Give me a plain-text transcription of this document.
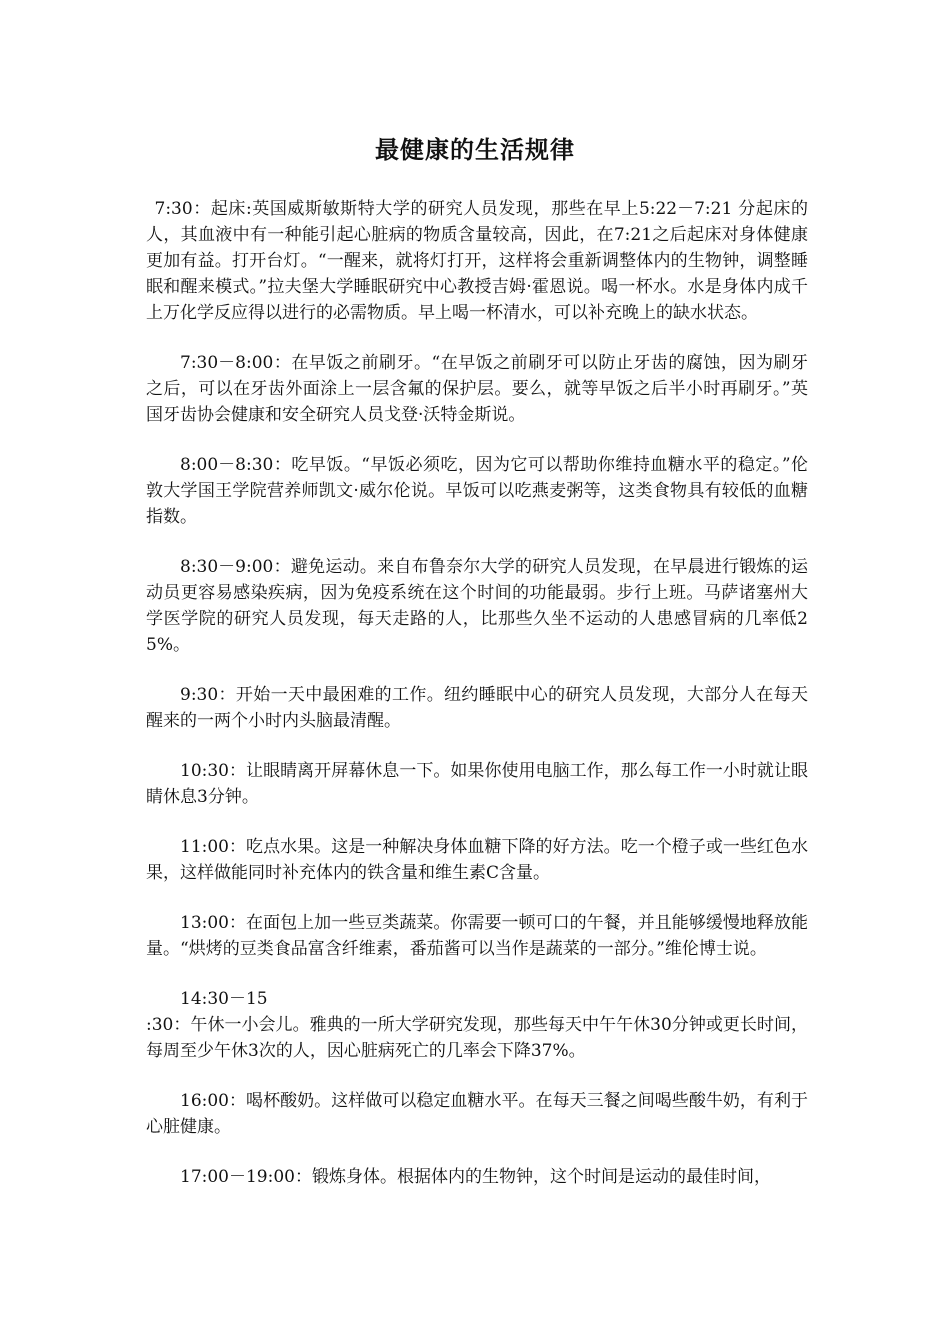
最健康的生活规律

7:30：起床:英国威斯敏斯特大学的研究人员发现，那些在早上5:22－7:21 分起床的人，其血液中有一种能引起心脏病的物质含量较高，因此，在7:21之后起床对身体健康更加有益。打开台灯。“一醒来，就将灯打开，这样将会重新调整体内的生物钟，调整睡眠和醒来模式。”拉夫堡大学睡眠研究中心教授吉姆·霍恩说。喝一杯水。水是身体内成千上万化学反应得以进行的必需物质。早上喝一杯清水，可以补充晚上的缺水状态。

7:30－8:00：在早饭之前刷牙。“在早饭之前刷牙可以防止牙齿的腐蚀，因为刷牙之后，可以在牙齿外面涂上一层含氟的保护层。要么，就等早饭之后半小时再刷牙。”英国牙齿协会健康和安全研究人员戈登·沃特金斯说。

8:00－8:30：吃早饭。“早饭必须吃，因为它可以帮助你维持血糖水平的稳定。”伦敦大学国王学院营养师凯文·威尔伦说。早饭可以吃燕麦粥等，这类食物具有较低的血糖指数。

8:30－9:00：避免运动。来自布鲁奈尔大学的研究人员发现，在早晨进行锻炼的运动员更容易感染疾病，因为免疫系统在这个时间的功能最弱。步行上班。马萨诸塞州大学医学院的研究人员发现，每天走路的人，比那些久坐不运动的人患感冒病的几率低25%。

9:30：开始一天中最困难的工作。纽约睡眠中心的研究人员发现，大部分人在每天醒来的一两个小时内头脑最清醒。

10:30：让眼睛离开屏幕休息一下。如果你使用电脑工作，那么每工作一小时就让眼睛休息3分钟。

11:00：吃点水果。这是一种解决身体血糖下降的好方法。吃一个橙子或一些红色水果，这样做能同时补充体内的铁含量和维生素C含量。

13:00：在面包上加一些豆类蔬菜。你需要一顿可口的午餐，并且能够缓慢地释放能量。“烘烤的豆类食品富含纤维素，番茄酱可以当作是蔬菜的一部分。”维伦博士说。

14:30－15

:30：午休一小会儿。雅典的一所大学研究发现，那些每天中午午休30分钟或更长时间，每周至少午休3次的人，因心脏病死亡的几率会下降37%。

16:00：喝杯酸奶。这样做可以稳定血糖水平。在每天三餐之间喝些酸牛奶，有利于心脏健康。

17:00－19:00：锻炼身体。根据体内的生物钟，这个时间是运动的最佳时间，
